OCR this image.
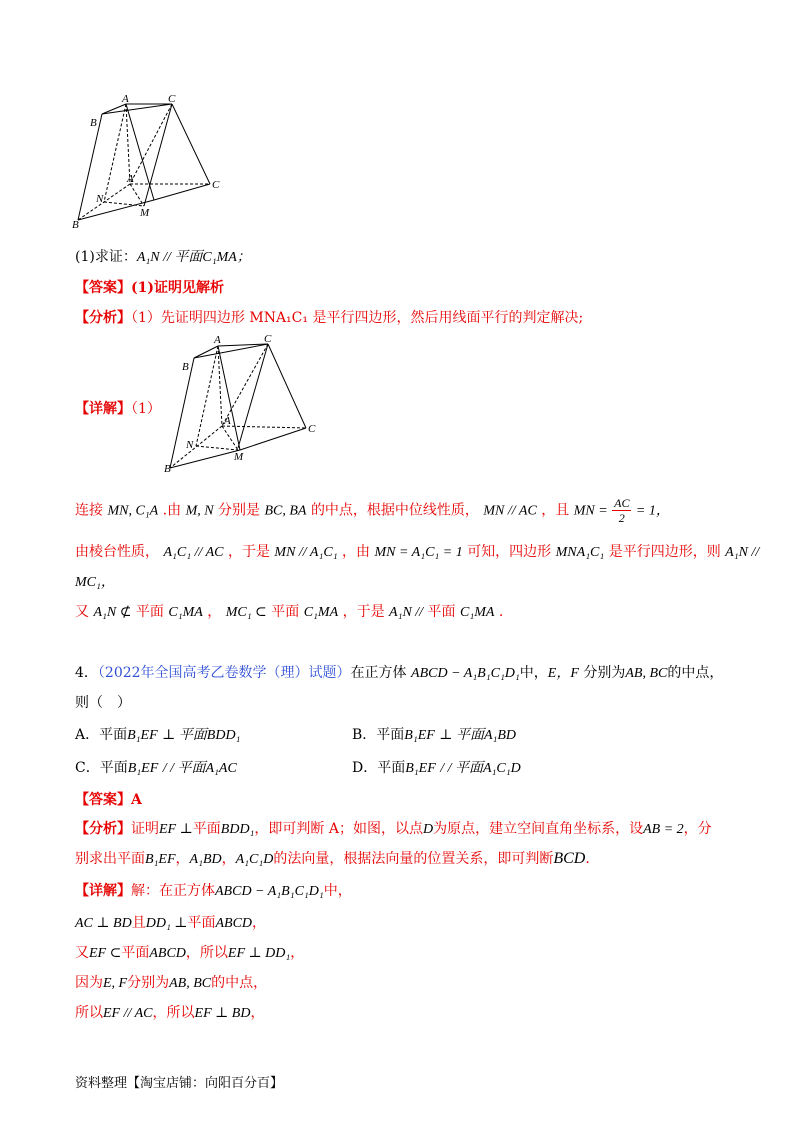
A	C
B
A
N
M
C
B
(1)求证：A₁N // 平面C₁MA；
【答案】(1)证明见解析
【分析】（1）先证明四边形 MNA₁C₁ 是平行四边形，然后用线面平行的判定解决;
A	C
B
A
N
M
C
B
【详解】（1）
连接 MN, C₁A .由 M, N 分别是 BC, BA 的中点，根据中位线性质， MN // AC ，且 MN = $\frac{AC}{2} = 1$，
由棱台性质， A₁C₁ // AC ，于是 MN // A₁C₁ ，由 MN = A₁C₁ = 1 可知，四边形 MNA₁C₁ 是平行四边形，则 A₁N //
MC₁，
又 A₁N ⊄ 平面 C₁MA ， MC₁ ⊂ 平面 C₁MA ，于是 A₁N // 平面 C₁MA .
4．（2022年全国高考乙卷数学（理）试题）在正方体 ABCD − A₁B₁C₁D₁中，E，F 分别为AB, BC的中点，
则（　）
A．平面B₁EF ⊥ 平面BDD₁	B．平面B₁EF ⊥ 平面A₁BD
C．平面B₁EF / / 平面A₁AC	D．平面B₁EF / / 平面A₁C₁D
【答案】A
【分析】证明EF ⊥平面BDD₁，即可判断 A；如图，以点D为原点，建立空间直角坐标系，设AB = 2，分
别求出平面B₁EF，A₁BD，A₁C₁D的法向量，根据法向量的位置关系，即可判断BCD.
【详解】解：在正方体ABCD − A₁B₁C₁D₁中，
AC ⊥ BD且DD₁ ⊥平面ABCD，
又EF ⊂平面ABCD，所以EF ⊥ DD₁，
因为E, F分别为AB, BC的中点，
所以EF // AC，所以EF ⊥ BD，
资料整理【淘宝店铺：向阳百分百】
